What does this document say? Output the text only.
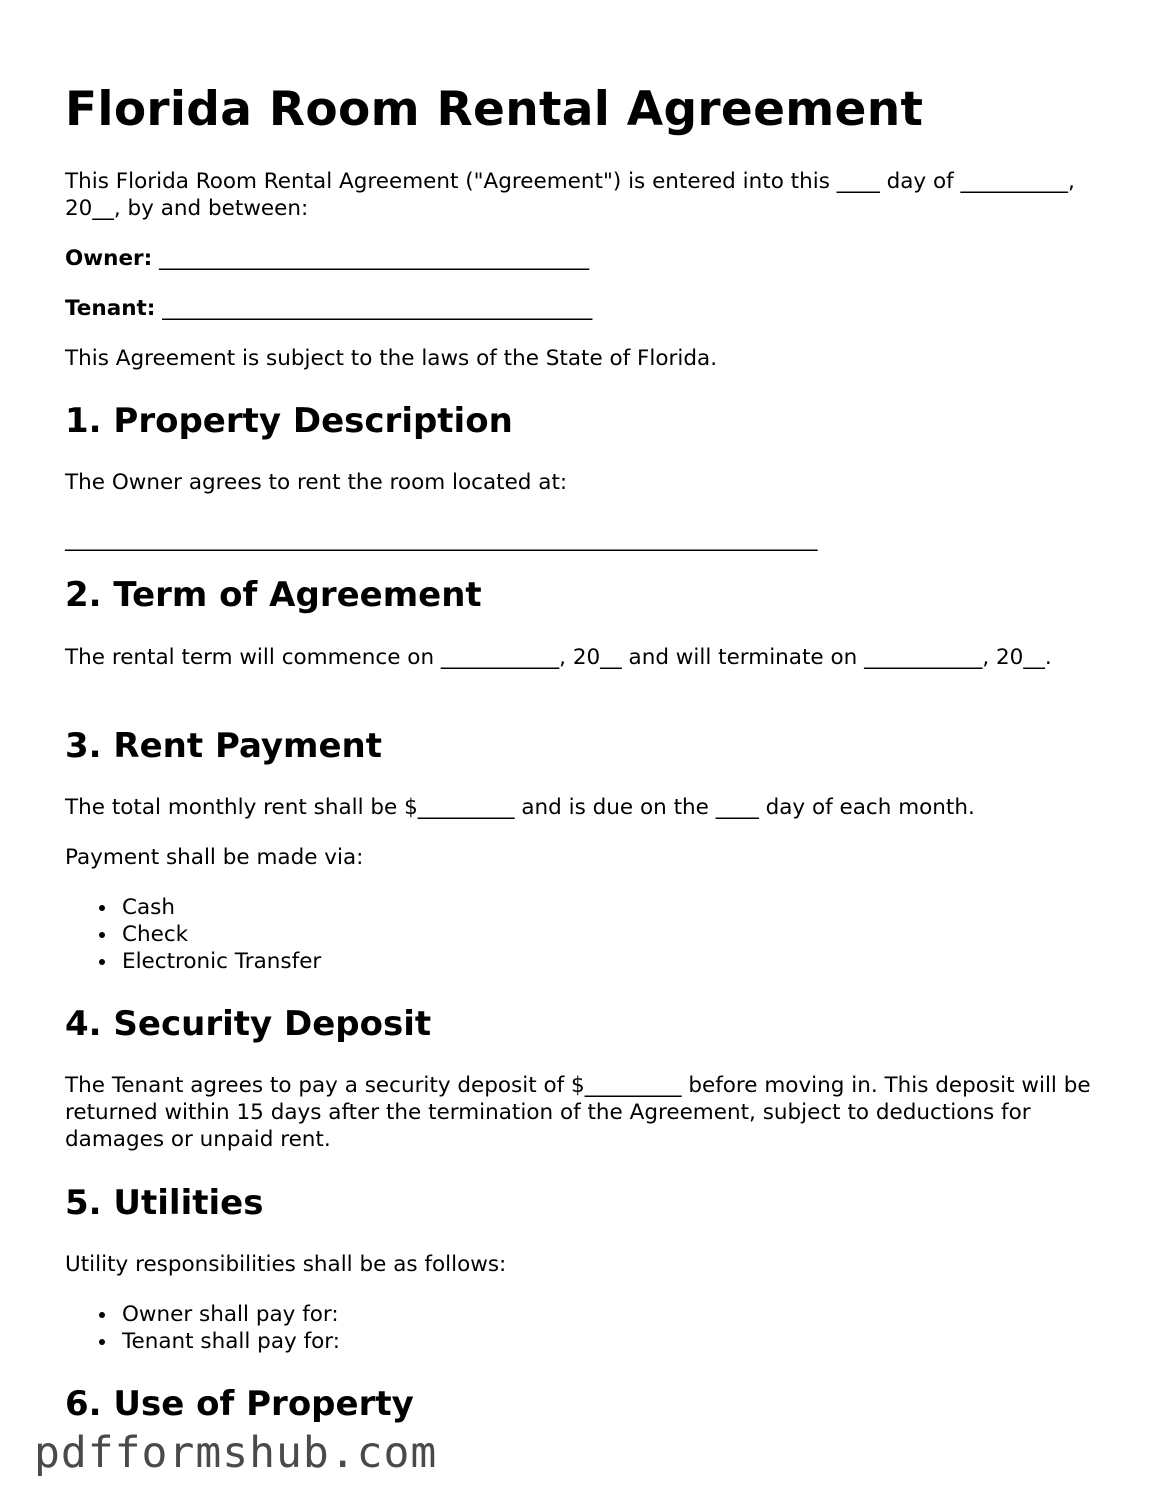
Florida Room Rental Agreement

This Florida Room Rental Agreement ("Agreement") is entered into this ____ day of __________, 20__, by and between:

Owner: ________________________________________

Tenant: ________________________________________

This Agreement is subject to the laws of the State of Florida.

1. Property Description

The Owner agrees to rent the room located at:

______________________________________________________________________

2. Term of Agreement

The rental term will commence on ___________, 20__ and will terminate on ___________, 20__.

3. Rent Payment

The total monthly rent shall be $_________ and is due on the ____ day of each month.

Payment shall be made via:

Cash
Check
Electronic Transfer
4. Security Deposit

The Tenant agrees to pay a security deposit of $_________ before moving in. This deposit will be returned within 15 days after the termination of the Agreement, subject to deductions for damages or unpaid rent.

5. Utilities

Utility responsibilities shall be as follows:

Owner shall pay for:
Tenant shall pay for:
6. Use of Property
pdfformshub.com
